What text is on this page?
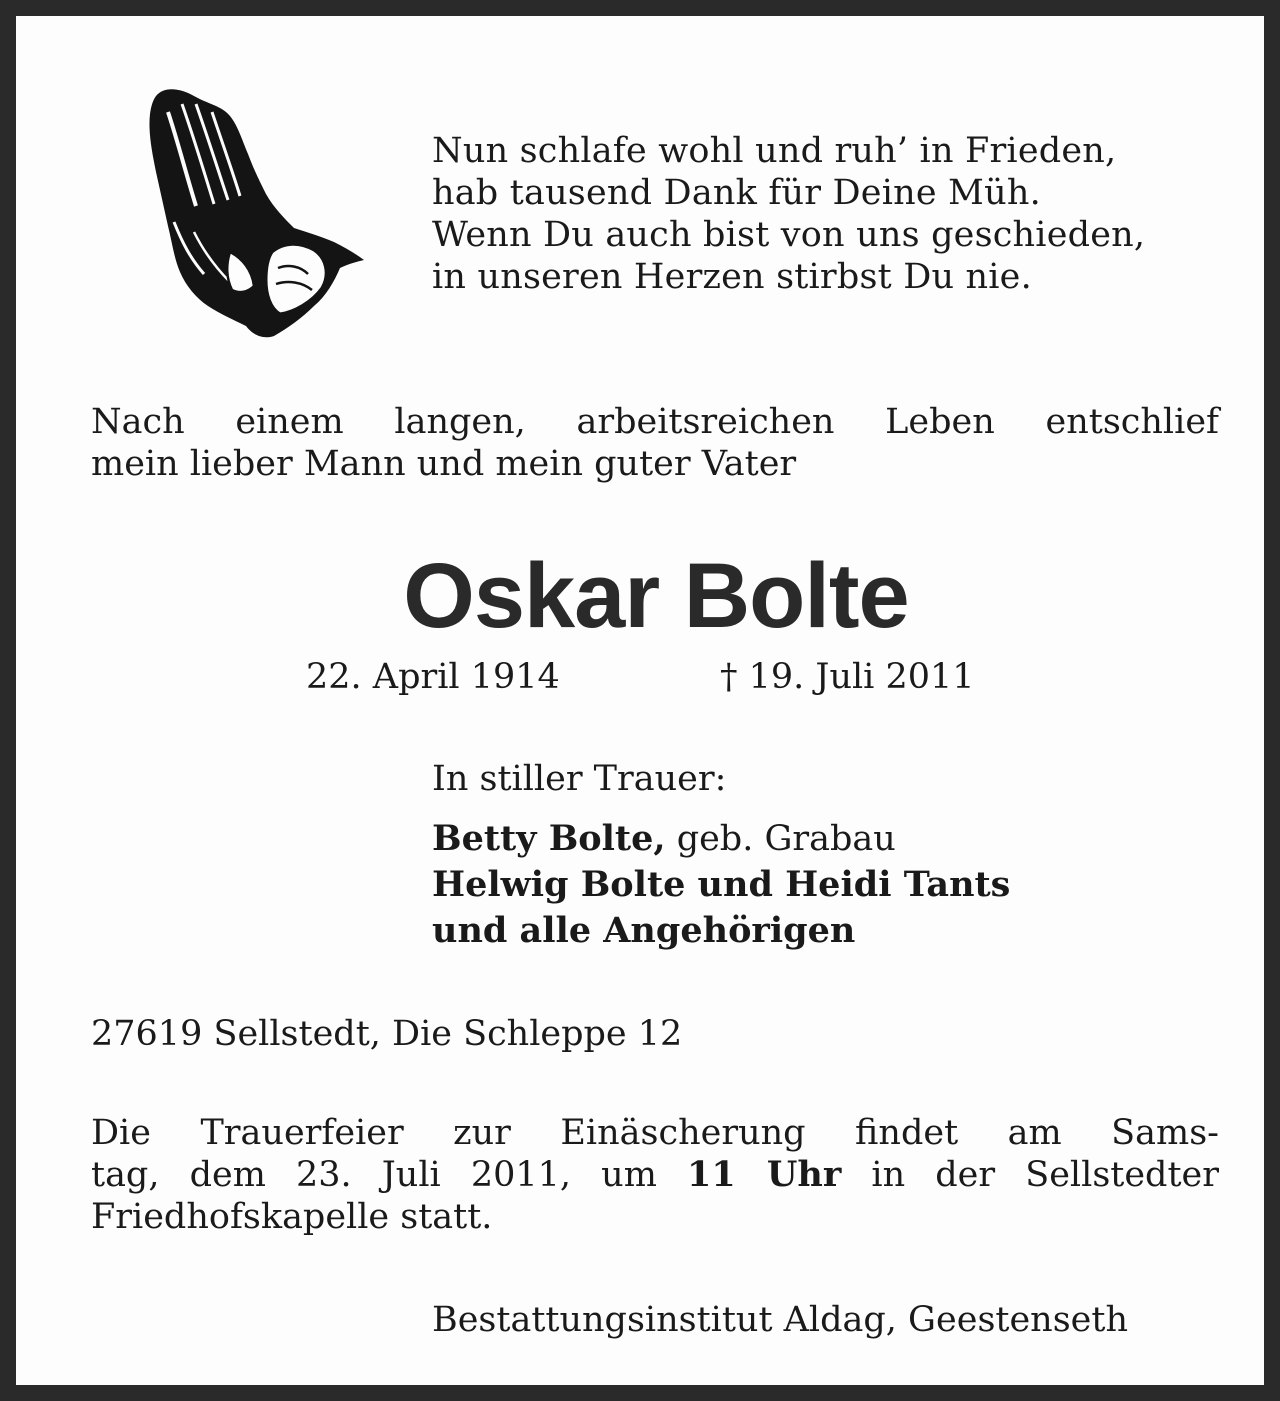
Nun schlafe wohl und ruh’ in Frieden,
hab tausend Dank für Deine Müh.
Wenn Du auch bist von uns geschieden,
in unseren Herzen stirbst Du nie.
Nach einem langen, arbeitsreichen Leben entschlief
mein lieber Mann und mein guter Vater
Oskar Bolte
22. April 1914	† 19. Juli 2011
In stiller Trauer:
Betty Bolte, geb. Grabau
Helwig Bolte und Heidi Tants
und alle Angehörigen
27619 Sellstedt, Die Schleppe 12
Die Trauerfeier zur Einäscherung findet am Sams-
tag, dem 23. Juli 2011, um 11 Uhr in der Sellstedter
Friedhofskapelle statt.
Bestattungsinstitut Aldag, Geestenseth
